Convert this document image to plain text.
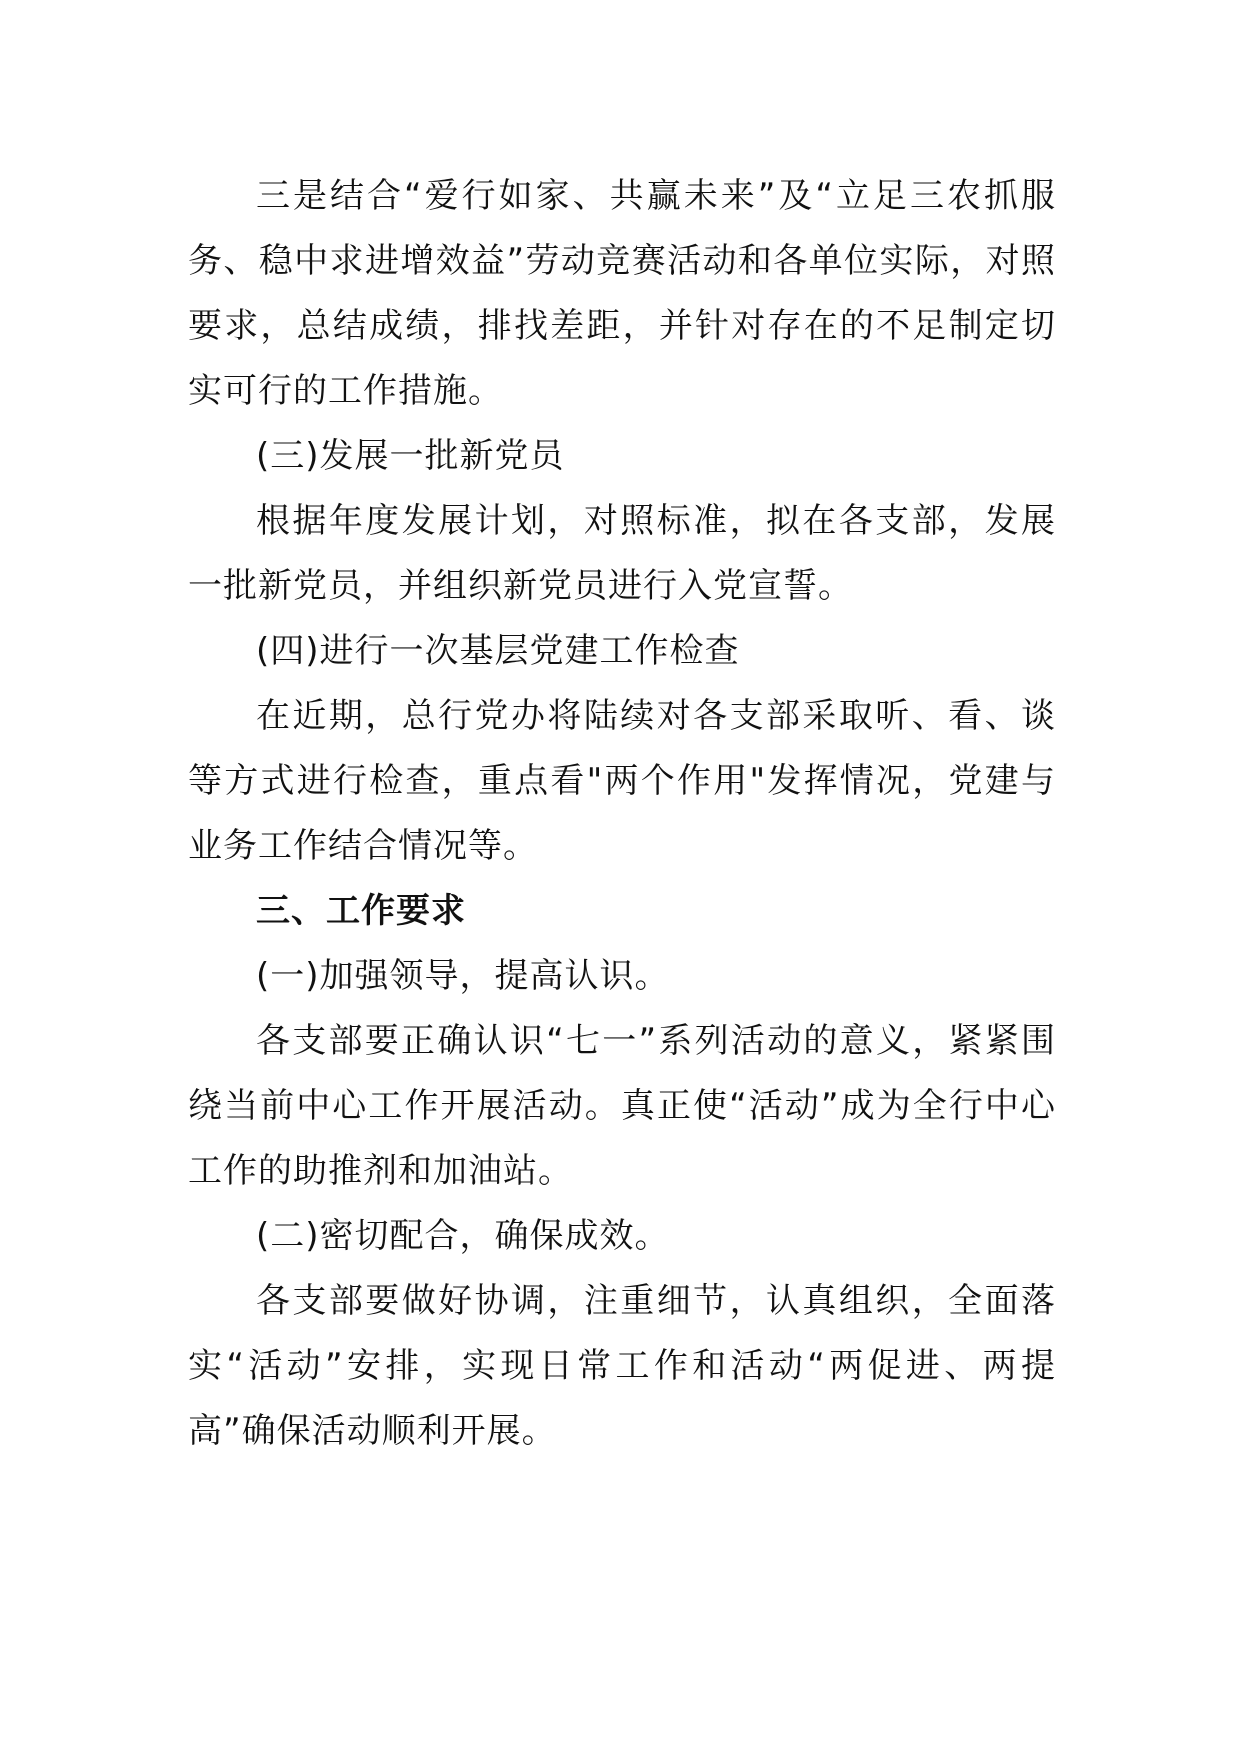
三是结合“爱行如家、共赢未来”及“立足三农抓服务、稳中求进增效益”劳动竞赛活动和各单位实际，对照要求，总结成绩，排找差距，并针对存在的不足制定切实可行的工作措施。

(三)发展一批新党员

根据年度发展计划，对照标准，拟在各支部，发展一批新党员，并组织新党员进行入党宣誓。

(四)进行一次基层党建工作检查

在近期，总行党办将陆续对各支部采取听、看、谈等方式进行检查，重点看"两个作用"发挥情况，党建与业务工作结合情况等。

三、工作要求

(一)加强领导，提高认识。

各支部要正确认识“七一”系列活动的意义，紧紧围绕当前中心工作开展活动。真正使“活动”成为全行中心工作的助推剂和加油站。

(二)密切配合，确保成效。

各支部要做好协调，注重细节，认真组织，全面落实“活动”安排，实现日常工作和活动“两促进、两提高”确保活动顺利开展。
